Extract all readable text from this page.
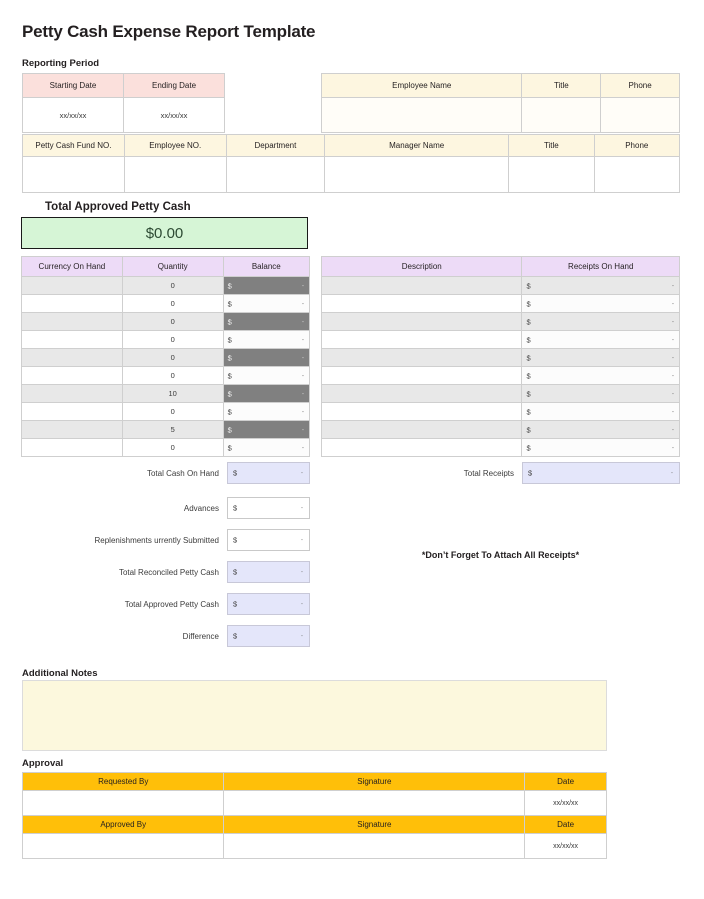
Petty Cash Expense Report Template
Reporting Period
Starting Date	Ending Date
xx/xx/xx	xx/xx/xx
Employee Name	Title	Phone

Petty Cash Fund NO.	Employee NO.	Department	Manager Name	Title	Phone

Total Approved Petty Cash
$0.00
Currency On Hand	Quantity	Balance
	0	$ -

	0	$ -

	0	$ -

	0	$ -

	0	$ -

	0	$ -

	10	$ -

	0	$ -

	5	$ -

	0	$ -
Description	Receipts On Hand

	$ -

	$ -

	$ -

	$ -

	$ -

	$ -

	$ -

	$ -

	$ -

	$ -
Total Cash On Hand	$	-	Total Receipts	$	-
Advances	$	-
Replenishments urrently Submitted	$	-
Total Reconciled Petty Cash	$	-
Total Approved Petty Cash	$	-
Difference	$	-
*Don’t Forget To Attach All Receipts*
Additional Notes
Approval
Requested By	Signature	Date
		xx/xx/xx
Approved By	Signature	Date
		xx/xx/xx
